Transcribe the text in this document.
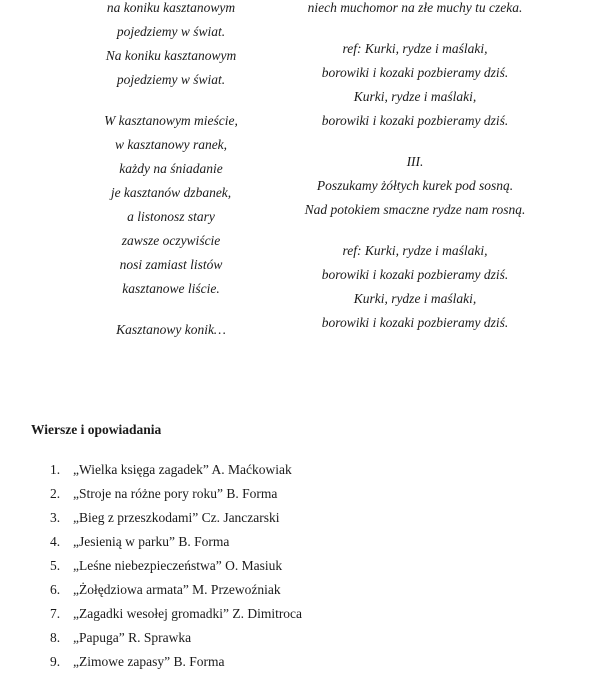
na koniku kasztanowym
pojedziemy w świat.
Na koniku kasztanowym
pojedziemy w świat.
W kasztanowym mieście,
w kasztanowy ranek,
każdy na śniadanie
je kasztanów dzbanek,
a listonosz stary
zawsze oczywiście
nosi zamiast listów
kasztanowe liście.
Kasztanowy konik…
niech muchomor na złe muchy tu czeka.
ref: Kurki, rydze i maślaki,
borowiki i kozaki pozbieramy dziś.
Kurki, rydze i maślaki,
borowiki i kozaki pozbieramy dziś.
III.
Poszukamy żółtych kurek pod sosną.
Nad potokiem smaczne rydze nam rosną.
ref: Kurki, rydze i maślaki,
borowiki i kozaki pozbieramy dziś.
Kurki, rydze i maślaki,
borowiki i kozaki pozbieramy dziś.
Wiersze i opowiadania
1. „Wielka księga zagadek” A. Maćkowiak
2. „Stroje na różne pory roku” B. Forma
3. „Bieg z przeszkodami” Cz. Janczarski
4. „Jesienią w parku” B. Forma
5. „Leśne niebezpieczeństwa” O. Masiuk
6. „Żołędziowa armata” M. Przewoźniak
7. „Zagadki wesołej gromadki” Z. Dimitroca
8. „Papuga” R. Sprawka
9. „Zimowe zapasy” B. Forma
